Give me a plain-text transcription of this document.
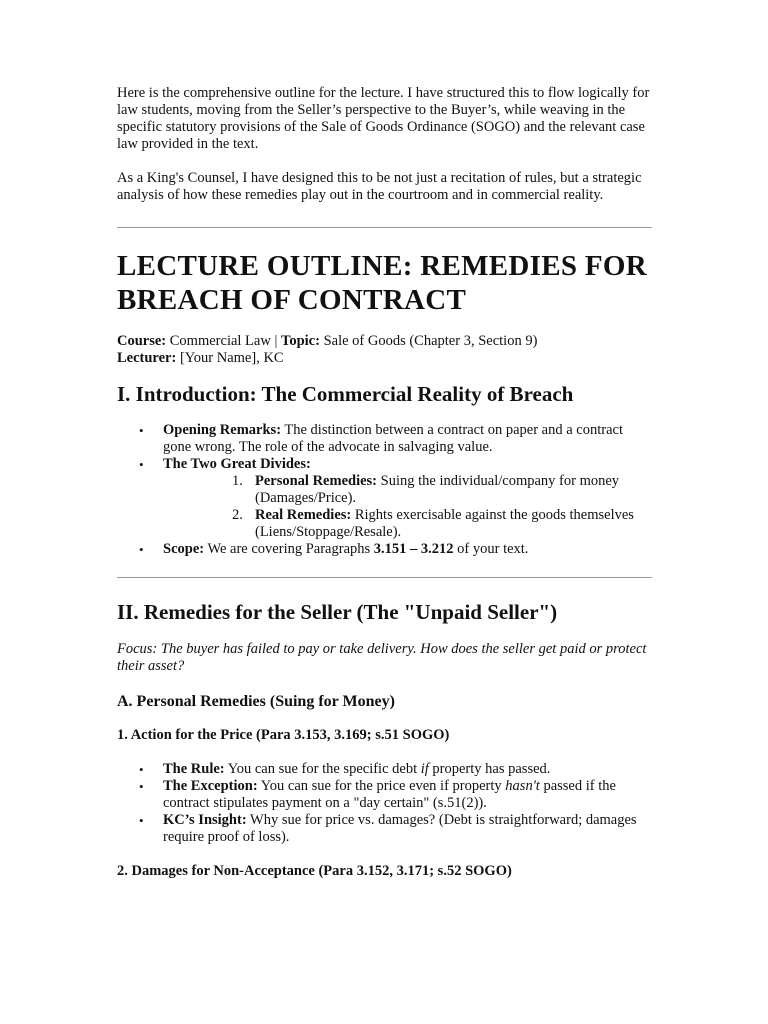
Here is the comprehensive outline for the lecture. I have structured this to flow logically for law students, moving from the Seller’s perspective to the Buyer’s, while weaving in the specific statutory provisions of the Sale of Goods Ordinance (SOGO) and the relevant case law provided in the text.

As a King's Counsel, I have designed this to be not just a recitation of rules, but a strategic analysis of how these remedies play out in the courtroom and in commercial reality.

LECTURE OUTLINE: REMEDIES FOR BREACH OF CONTRACT

Course: Commercial Law | Topic: Sale of Goods (Chapter 3, Section 9)

Lecturer: [Your Name], KC

I. Introduction: The Commercial Reality of Breach
• Opening Remarks: The distinction between a contract on paper and a contract gone wrong. The role of the advocate in salvaging value.
• The Two Great Divides:
1. Personal Remedies: Suing the individual/company for money (Damages/Price).
2. Real Remedies: Rights exercisable against the goods themselves (Liens/Stoppage/Resale).
• Scope: We are covering Paragraphs 3.151 – 3.212 of your text.
II. Remedies for the Seller (The "Unpaid Seller")

Focus: The buyer has failed to pay or take delivery. How does the seller get paid or protect their asset?

A. Personal Remedies (Suing for Money)
1. Action for the Price (Para 3.153, 3.169; s.51 SOGO)
• The Rule: You can sue for the specific debt if property has passed.
• The Exception: You can sue for the price even if property hasn't passed if the contract stipulates payment on a "day certain" (s.51(2)).
• KC’s Insight: Why sue for price vs. damages? (Debt is straightforward; damages require proof of loss).
2. Damages for Non-Acceptance (Para 3.152, 3.171; s.52 SOGO)
